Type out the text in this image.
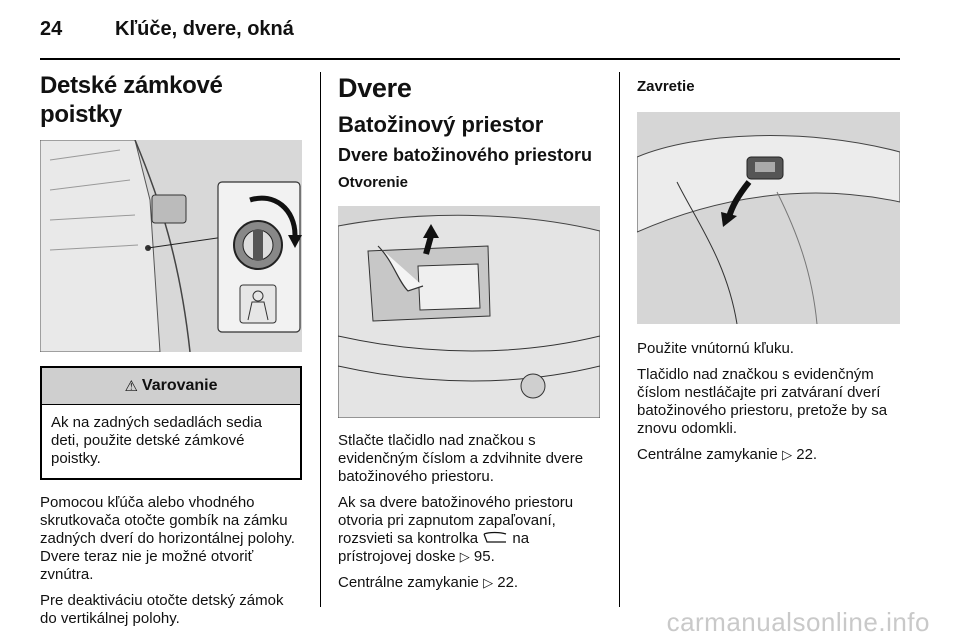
24	Kľúče, dvere, okná
Detské zámkové poistky
⚠ Varovanie
Ak na zadných sedadlách sedia deti, použite detské zámkové poistky.

Pomocou kľúča alebo vhodného skrutkovača otočte gombík na zámku zadných dverí do horizontálnej polohy. Dvere teraz nie je možné otvoriť zvnútra.

Pre deaktiváciu otočte detský zámok do vertikálnej polohy.

Dvere
Batožinový priestor
Dvere batožinového priestoru
Otvorenie

Stlačte tlačidlo nad značkou s evidenčným číslom a zdvihnite dvere batožinového priestoru.

Ak sa dvere batožinového priestoru otvoria pri zapnutom zapaľovaní, rozsvieti sa kontrolka na prístrojovej doske ▷ 95.

Centrálne zamykanie ▷ 22.

Zavretie

Použite vnútornú kľuku.

Tlačidlo nad značkou s evidenčným číslom nestláčajte pri zatváraní dverí batožinového priestoru, pretože by sa znovu odomkli.

Centrálne zamykanie ▷ 22.

carmanualsonline.info
